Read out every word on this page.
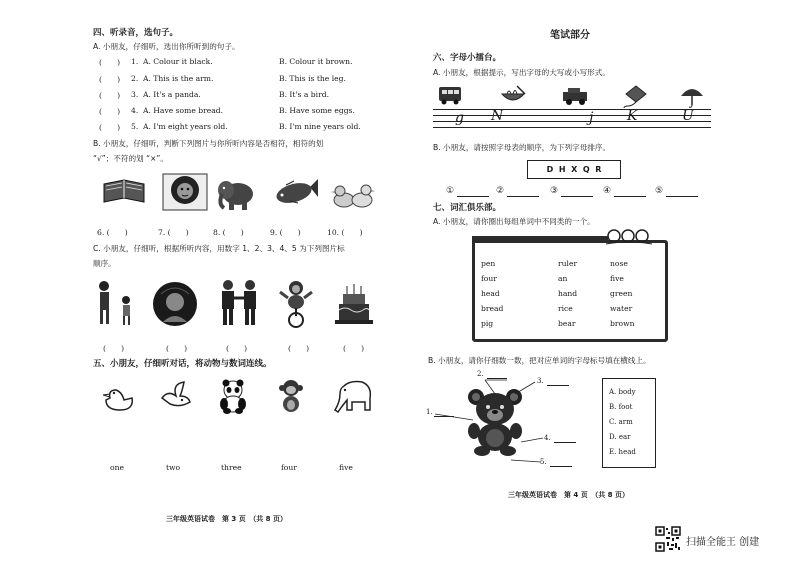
四、听录音，选句子。
A. 小朋友，仔细听，选出你所听到的句子。
(　　) 1. A. Colour it black.	B. Colour it brown.
(　　) 2. A. This is the arm.	B. This is the leg.
(　　) 3. A. It's a panda.	B. It's a bird.
(　　) 4. A. Have some bread.	B. Have some eggs.
(　　) 5. A. I'm eight years old.	B. I'm nine years old.
B. 小朋友，仔细听，判断下列图片与你所听内容是否相符，相符的划
“√”；不符的划 “×”。
6. (　　)	7. (　　)	8. (　　)	9. (　　)	10. (　　)
C. 小朋友，仔细听，根据所听内容，用数字 1、2、3、4、5 为下列图片标
顺序。
(　　)	(　　)	(　　)	(　　)	(　　)
五、小朋友，仔细听对话，将动物与数词连线。
one	two	three	four	five
三年级英语试卷　第 3 页　（共 8 页）
笔试部分
六、字母小擂台。
A. 小朋友，根据提示，写出字母的大写或小写形式。
g N	j K	U
B. 小朋友，请按照字母表的顺序，为下列字母排序。
D  H  X  Q  R
①	②	③	④	⑤
七、词汇俱乐部。
A. 小朋友，请你圈出每组单词中不同类的一个。
pen	ruler	nose
four	an	five
head	hand	green
bread	rice	water
pig	bear	brown
B. 小朋友，请你仔细数一数，把对应单词的字母标号填在横线上。
2.
3.
1.
4.
5.
A. body
B. foot
C. arm
D. ear
E. head
三年级英语试卷　第 4 页　（共 8 页）
扫描全能王 创建
